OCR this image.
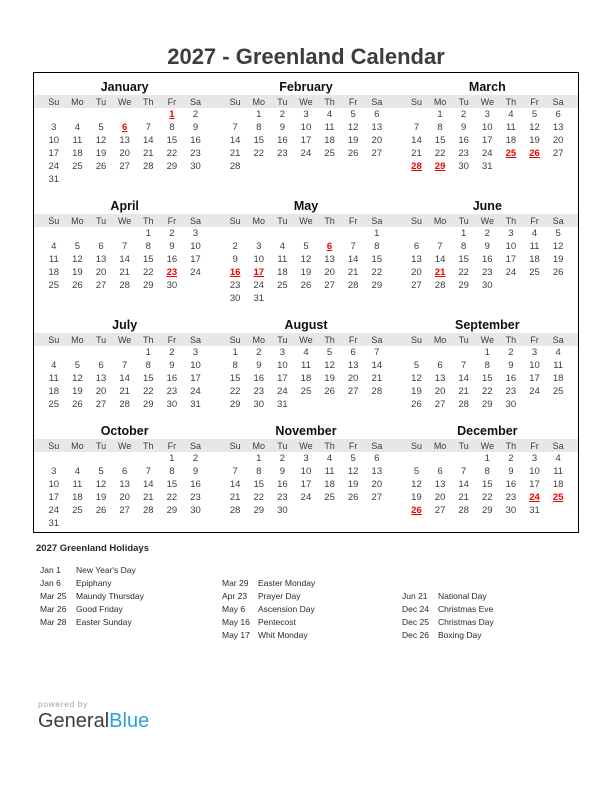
2027 - Greenland Calendar
January
Su	Mo	Tu	We	Th	Fr	Sa
					1	2
3	4	5	6	7	8	9
10	11	12	13	14	15	16
17	18	19	20	21	22	23
24	25	26	27	28	29	30
31						
February
Su	Mo	Tu	We	Th	Fr	Sa
	1	2	3	4	5	6
7	8	9	10	11	12	13
14	15	16	17	18	19	20
21	22	23	24	25	26	27
28						
March
Su	Mo	Tu	We	Th	Fr	Sa
	1	2	3	4	5	6
7	8	9	10	11	12	13
14	15	16	17	18	19	20
21	22	23	24	25	26	27
28	29	30	31			
April
Su	Mo	Tu	We	Th	Fr	Sa
				1	2	3
4	5	6	7	8	9	10
11	12	13	14	15	16	17
18	19	20	21	22	23	24
25	26	27	28	29	30	
May
Su	Mo	Tu	We	Th	Fr	Sa
						1
2	3	4	5	6	7	8
9	10	11	12	13	14	15
16	17	18	19	20	21	22
23	24	25	26	27	28	29
30	31					
June
Su	Mo	Tu	We	Th	Fr	Sa
		1	2	3	4	5
6	7	8	9	10	11	12
13	14	15	16	17	18	19
20	21	22	23	24	25	26
27	28	29	30			
July
Su	Mo	Tu	We	Th	Fr	Sa
				1	2	3
4	5	6	7	8	9	10
11	12	13	14	15	16	17
18	19	20	21	22	23	24
25	26	27	28	29	30	31
August
Su	Mo	Tu	We	Th	Fr	Sa
1	2	3	4	5	6	7
8	9	10	11	12	13	14
15	16	17	18	19	20	21
22	23	24	25	26	27	28
29	30	31				
September
Su	Mo	Tu	We	Th	Fr	Sa
			1	2	3	4
5	6	7	8	9	10	11
12	13	14	15	16	17	18
19	20	21	22	23	24	25
26	27	28	29	30		
October
Su	Mo	Tu	We	Th	Fr	Sa
					1	2
3	4	5	6	7	8	9
10	11	12	13	14	15	16
17	18	19	20	21	22	23
24	25	26	27	28	29	30
31						
November
Su	Mo	Tu	We	Th	Fr	Sa
	1	2	3	4	5	6
7	8	9	10	11	12	13
14	15	16	17	18	19	20
21	22	23	24	25	26	27
28	29	30				
December
Su	Mo	Tu	We	Th	Fr	Sa
			1	2	3	4
5	6	7	8	9	10	11
12	13	14	15	16	17	18
19	20	21	22	23	24	25
26	27	28	29	30	31	
2027 Greenland Holidays
Jan 1	New Year's Day
Jan 6	Epiphany
Mar 25	Maundy Thursday
Mar 26	Good Friday
Mar 28	Easter Sunday
Mar 29	Easter Monday
Apr 23	Prayer Day
May 6	Ascension Day
May 16 Pentecost
May 17 Whit Monday
Jun 21	National Day
Dec 24	Christmas Eve
Dec 25	Christmas Day
Dec 26	Boxing Day
powered by
GeneralBlue
